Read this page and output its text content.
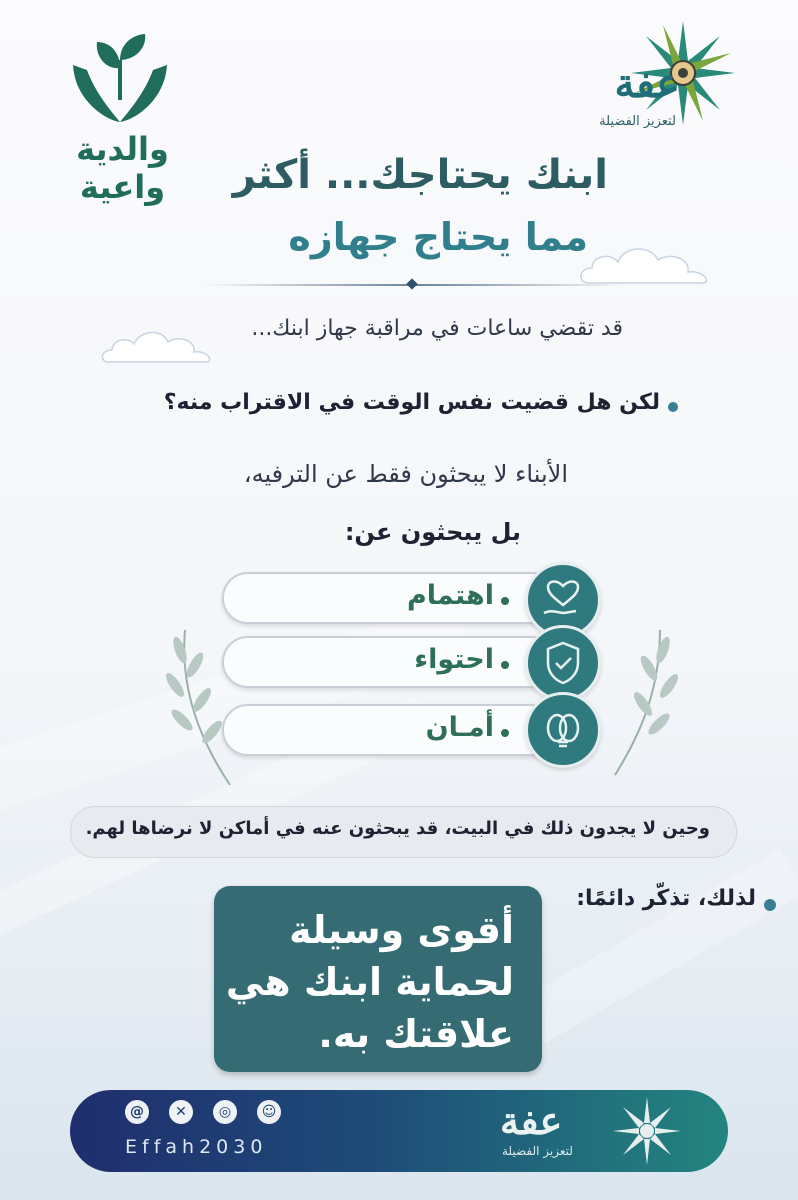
عفة
لتعزيز الفضيلة
والدية واعية	ابنك يحتاجك... أكثر
مما يحتاج جهازه
قد تقضي ساعات في مراقبة جهاز ابنك...
لكن هل قضيت نفس الوقت في الاقتراب منه؟
الأبناء لا يبحثون فقط عن الترفيه،
بل يبحثون عن:
اهتمام
احتواء
أمـان
وحين لا يجدون ذلك في البيت، قد يبحثون عنه في أماكن لا نرضاها لهم.
لذلك، تذكّر دائمًا:
أقوى وسيلة
لحماية ابنك هي
علاقتك به.
@	✕	◎	☺
Effah2030
عفة
لتعزيز الفضيلة
